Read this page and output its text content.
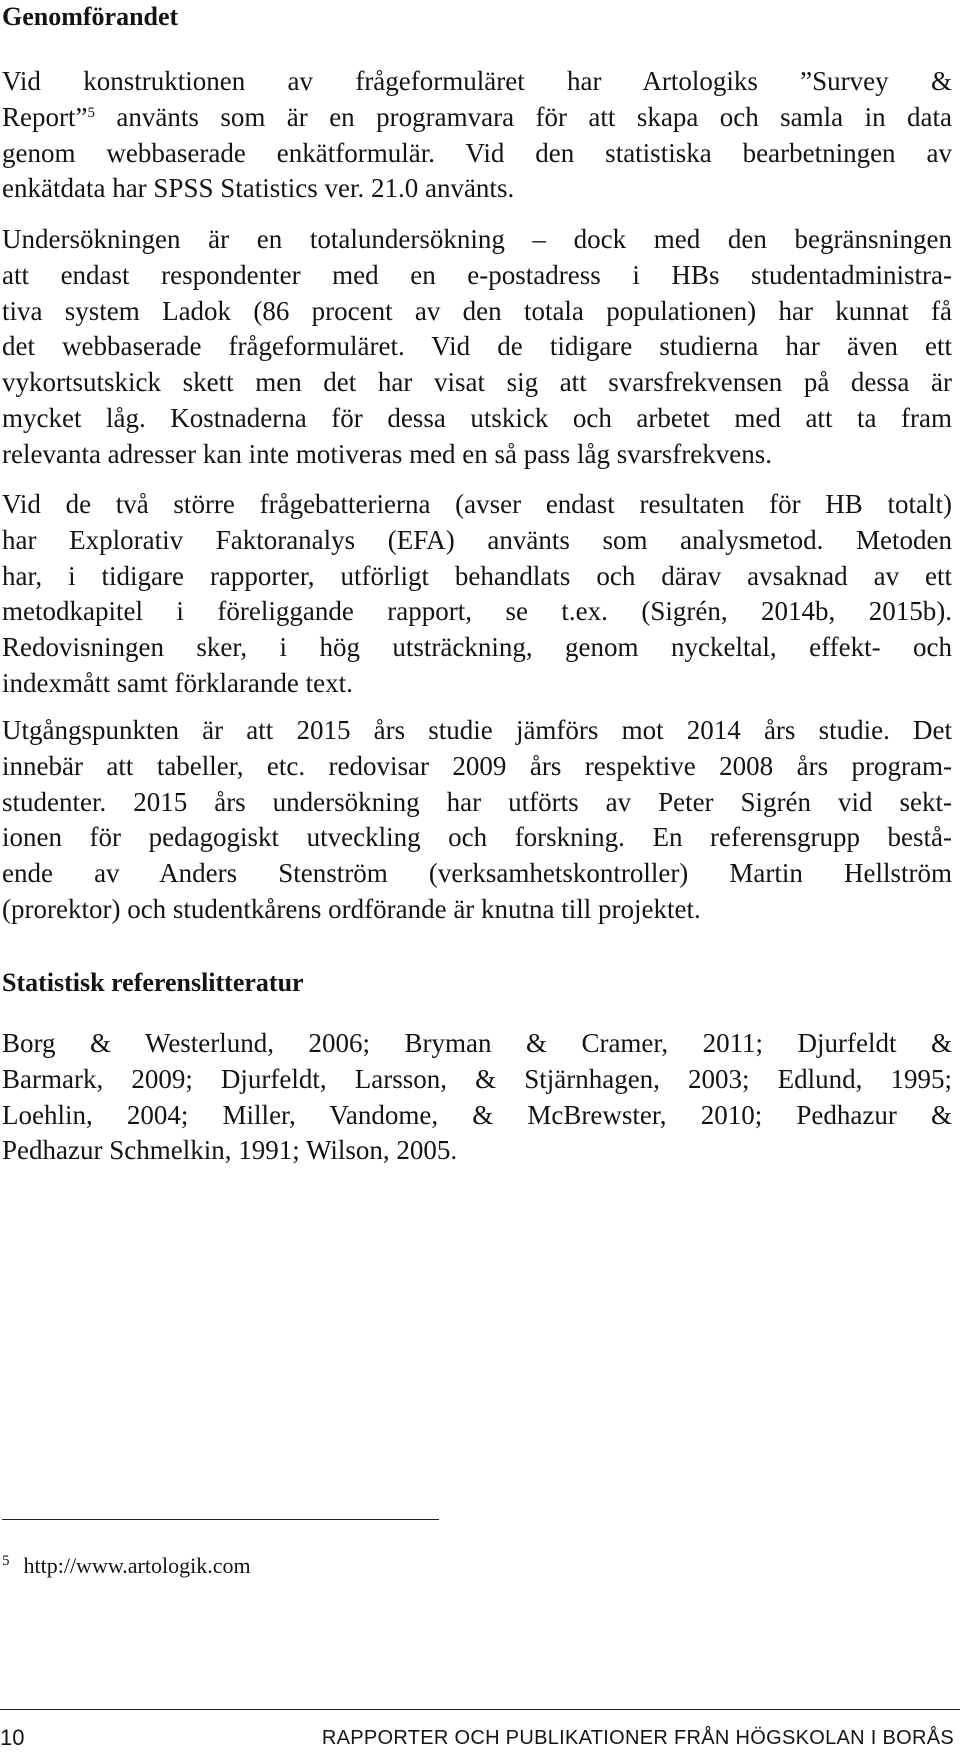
Genomförandet
Vid konstruktionen av frågeformuläret har Artologiks ”Survey &
Report”$^5$ använts som är en programvara för att skapa och samla in data
genom webbaserade enkätformulär. Vid den statistiska bearbetningen av
enkätdata har SPSS Statistics ver. 21.0 använts.
Undersökningen är en totalundersökning – dock med den begränsningen
att endast respondenter med en e-postadress i HBs studentadministra-
tiva system Ladok (86 procent av den totala populationen) har kunnat få
det webbaserade frågeformuläret. Vid de tidigare studierna har även ett
vykortsutskick skett men det har visat sig att svarsfrekvensen på dessa är
mycket låg. Kostnaderna för dessa utskick och arbetet med att ta fram
relevanta adresser kan inte motiveras med en så pass låg svarsfrekvens.
Vid de två större frågebatterierna (avser endast resultaten för HB totalt)
har Explorativ Faktoranalys (EFA) använts som analysmetod. Metoden
har, i tidigare rapporter, utförligt behandlats och därav avsaknad av ett
metodkapitel i föreliggande rapport, se t.ex. (Sigrén, 2014b, 2015b).
Redovisningen sker, i hög utsträckning, genom nyckeltal, effekt- och
indexmått samt förklarande text.
Utgångspunkten är att 2015 års studie jämförs mot 2014 års studie. Det
innebär att tabeller, etc. redovisar 2009 års respektive 2008 års program-
studenter. 2015 års undersökning har utförts av Peter Sigrén vid sekt-
ionen för pedagogiskt utveckling och forskning. En referensgrupp bestå-
ende av Anders Stenström (verksamhetskontroller) Martin Hellström
(prorektor) och studentkårens ordförande är knutna till projektet.
Statistisk referenslitteratur
Borg & Westerlund, 2006; Bryman & Cramer, 2011; Djurfeldt &
Barmark, 2009; Djurfeldt, Larsson, & Stjärnhagen, 2003; Edlund, 1995;
Loehlin, 2004; Miller, Vandome, & McBrewster, 2010; Pedhazur &
Pedhazur Schmelkin, 1991; Wilson, 2005.
$^5$ http://www.artologik.com
10	RAPPORTER OCH PUBLIKATIONER FRÅN HÖGSKOLAN I BORÅS
